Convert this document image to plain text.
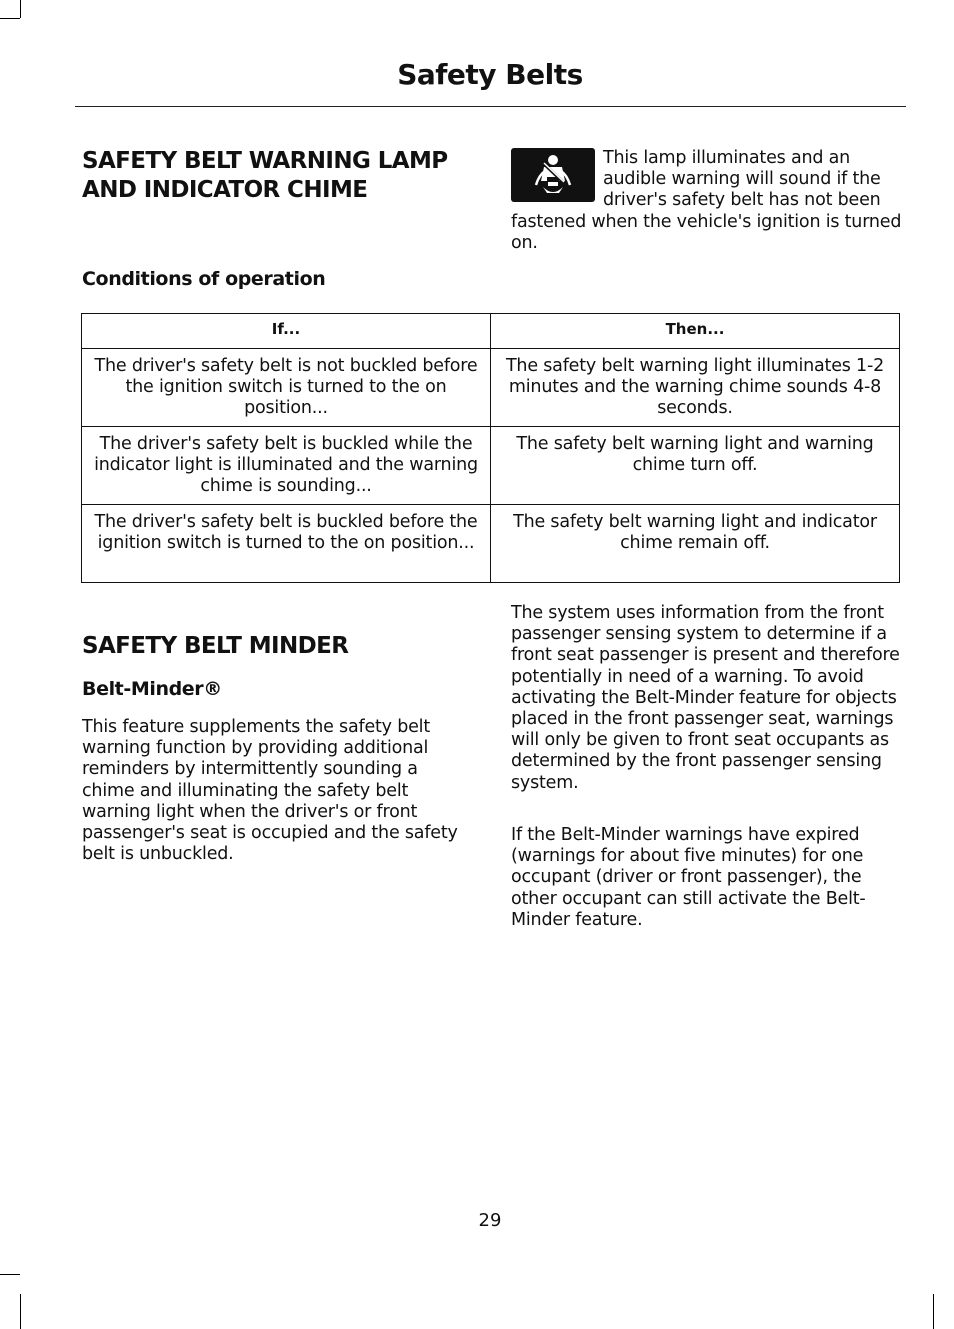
Safety Belts
SAFETY BELT WARNING LAMP
AND INDICATOR CHIME
This lamp illuminates and an audible warning will sound if the driver's safety belt has not been fastened when the vehicle's ignition is turned on.
Conditions of operation
If...	Then...
The driver's safety belt is not buckled before the ignition switch is turned to the on position...	The safety belt warning light illuminates 1-2 minutes and the warning chime sounds 4-8 seconds.
The driver's safety belt is buckled while the indicator light is illuminated and the warning chime is sounding...	The safety belt warning light and warning chime turn off.
The driver's safety belt is buckled before the ignition switch is turned to the on position...	The safety belt warning light and indicator chime remain off.
SAFETY BELT MINDER
Belt-Minder®

This feature supplements the safety belt warning function by providing additional reminders by intermittently sounding a chime and illuminating the safety belt warning light when the driver's or front passenger's seat is occupied and the safety belt is unbuckled.

The system uses information from the front passenger sensing system to determine if a front seat passenger is present and therefore potentially in need of a warning. To avoid activating the Belt-Minder feature for objects placed in the front passenger seat, warnings will only be given to front seat occupants as determined by the front passenger sensing system.

If the Belt-Minder warnings have expired (warnings for about five minutes) for one occupant (driver or front passenger), the other occupant can still activate the Belt-Minder feature.

29
